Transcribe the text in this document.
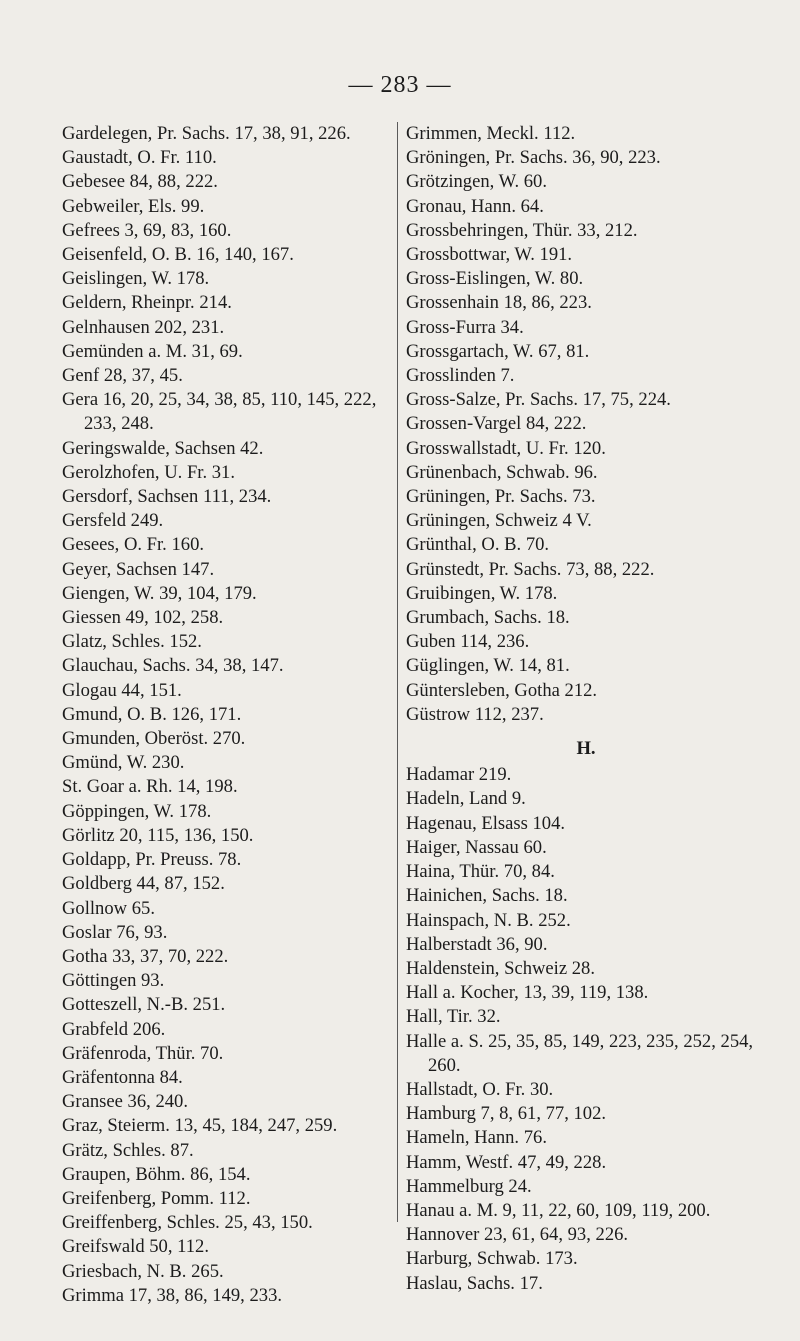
— 283 —
Gardelegen, Pr. Sachs. 17, 38, 91, 226.
Gaustadt, O. Fr. 110.
Gebesee 84, 88, 222.
Gebweiler, Els. 99.
Gefrees 3, 69, 83, 160.
Geisenfeld, O. B. 16, 140, 167.
Geislingen, W. 178.
Geldern, Rheinpr. 214.
Gelnhausen 202, 231.
Gemünden a. M. 31, 69.
Genf 28, 37, 45.
Gera 16, 20, 25, 34, 38, 85, 110, 145, 222, 233, 248.
Geringswalde, Sachsen 42.
Gerolzhofen, U. Fr. 31.
Gersdorf, Sachsen 111, 234.
Gersfeld 249.
Gesees, O. Fr. 160.
Geyer, Sachsen 147.
Giengen, W. 39, 104, 179.
Giessen 49, 102, 258.
Glatz, Schles. 152.
Glauchau, Sachs. 34, 38, 147.
Glogau 44, 151.
Gmund, O. B. 126, 171.
Gmunden, Oberöst. 270.
Gmünd, W. 230.
St. Goar a. Rh. 14, 198.
Göppingen, W. 178.
Görlitz 20, 115, 136, 150.
Goldapp, Pr. Preuss. 78.
Goldberg 44, 87, 152.
Gollnow 65.
Goslar 76, 93.
Gotha 33, 37, 70, 222.
Göttingen 93.
Gotteszell, N.-B. 251.
Grabfeld 206.
Gräfenroda, Thür. 70.
Gräfentonna 84.
Gransee 36, 240.
Graz, Steierm. 13, 45, 184, 247, 259.
Grätz, Schles. 87.
Graupen, Böhm. 86, 154.
Greifenberg, Pomm. 112.
Greiffenberg, Schles. 25, 43, 150.
Greifswald 50, 112.
Griesbach, N. B. 265.
Grimma 17, 38, 86, 149, 233.
Grimmen, Meckl. 112.
Gröningen, Pr. Sachs. 36, 90, 223.
Grötzingen, W. 60.
Gronau, Hann. 64.
Grossbehringen, Thür. 33, 212.
Grossbottwar, W. 191.
Gross-Eislingen, W. 80.
Grossenhain 18, 86, 223.
Gross-Furra 34.
Grossgartach, W. 67, 81.
Grosslinden 7.
Gross-Salze, Pr. Sachs. 17, 75, 224.
Grossen-Vargel 84, 222.
Grosswallstadt, U. Fr. 120.
Grünenbach, Schwab. 96.
Grüningen, Pr. Sachs. 73.
Grüningen, Schweiz 4 V.
Grünthal, O. B. 70.
Grünstedt, Pr. Sachs. 73, 88, 222.
Gruibingen, W. 178.
Grumbach, Sachs. 18.
Guben 114, 236.
Güglingen, W. 14, 81.
Güntersleben, Gotha 212.
Güstrow 112, 237.
H.
Hadamar 219.
Hadeln, Land 9.
Hagenau, Elsass 104.
Haiger, Nassau 60.
Haina, Thür. 70, 84.
Hainichen, Sachs. 18.
Hainspach, N. B. 252.
Halberstadt 36, 90.
Haldenstein, Schweiz 28.
Hall a. Kocher, 13, 39, 119, 138.
Hall, Tir. 32.
Halle a. S. 25, 35, 85, 149, 223, 235, 252, 254, 260.
Hallstadt, O. Fr. 30.
Hamburg 7, 8, 61, 77, 102.
Hameln, Hann. 76.
Hamm, Westf. 47, 49, 228.
Hammelburg 24.
Hanau a. M. 9, 11, 22, 60, 109, 119, 200.
Hannover 23, 61, 64, 93, 226.
Harburg, Schwab. 173.
Haslau, Sachs. 17.
